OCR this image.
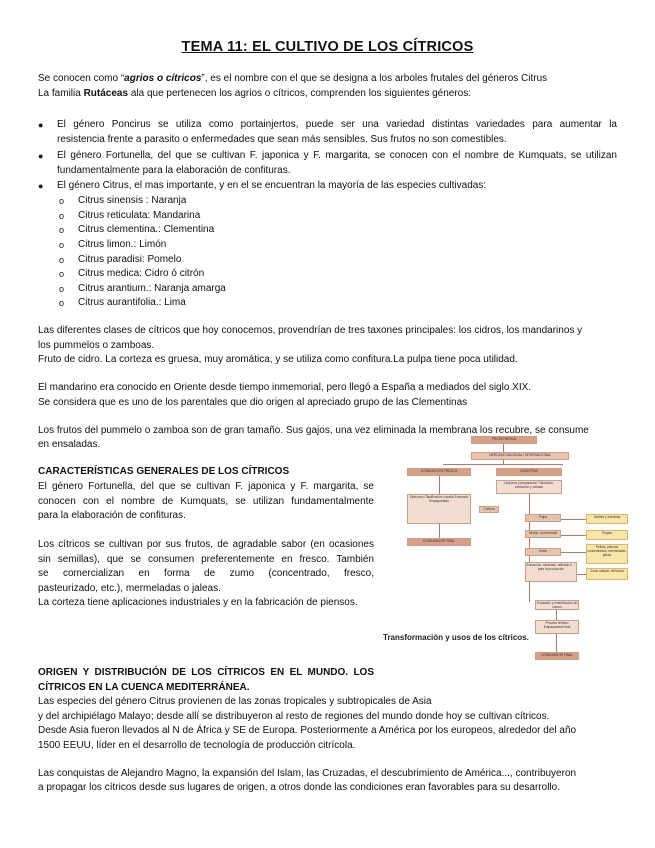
TEMA 11: EL CULTIVO DE LOS CÍTRICOS
Se conocen como “agrios o cítricos”, es el nombre con el que se designa a los arboles frutales del géneros Citrus
La familia Rutáceas ala que pertenecen los agrios o cítricos, comprenden los siguientes géneros:
● El género Poncirus se utiliza como portainjertos, puede ser una variedad distintas variedades para aumentar la
resistencia frente a parasito o enfermedades que sean más sensibles. Sus frutos no son comestibles.
● El género Fortunella, del que se cultivan F. japonica y F. margarita, se conocen con el nombre de Kumquats, se utilizan
fundamentalmente para la elaboración de confituras.
● El género Citrus, el mas importante, y en el se encuentran la mayoría de las especies cultivadas:
o Citrus sinensis : Naranja
o Citrus reticulata: Mandarina
o Citrus clementina.: Clementina
o Citrus limon.: Limón
o Citrus paradisi: Pomelo
o Citrus medica: Cidro ó citrón
o Citrus arantium.: Naranja amarga
o Citrus aurantifolia.: Lima
Las diferentes clases de cítricos que hoy conocemos, provendrían de tres taxones principales: los cidros, los mandarinos y
los pummelos o zamboas.
Fruto de cidro. La corteza es gruesa, muy aromática, y se utiliza como confitura.La pulpa tiene poca utilidad.
El mandarino era conocido en Oriente desde tiempo inmemorial, pero llegó a España a mediados del siglo XIX.
Se considera que es uno de los parentales que dio origen al apreciado grupo de las Clementinas
Los frutos del pummelo o zamboa son de gran tamaño. Sus gajos, una vez eliminada la membrana los recubre, se consume
en ensaladas.
CARACTERÍSTICAS GENERALES DE LOS CÍTRICOS
El género Fortunella, del que se cultivan F. japonica y F. margarita, se
conocen con el nombre de Kumquats, se utilizan fundamentalmente
para la elaboración de confituras.
Los cítricos se cultivan por sus frutos, de agradable sabor (en ocasiones
sin semillas), que se consumen preferentemente en fresco. También
se comercializan en forma de zumo (concentrado, fresco,
pasteurizado, etc.), mermeladas o jaleas.
La corteza tiene aplicaciones industriales y en la fabricación de piensos.
FRUTA FRESCA
MERCADO NACIONAL / INTERNACIONAL
CONSUMO EN FRESCO	INDUSTRIA
Limpieza y preparación Trituración, extracción y cribado
Selección Clasificación Lavado Encerado Empaquetado
CONSUMIDOR FINAL
Corteza
Pulpa
Néctar, concentrado
Zumo
Extracción, tamizado, refinado e ... para la producción
Aceites y esencias
Pulpas
Pellets, piensos concentrados, mermeladas, jaleas
Zumo natural, refrescos
Envasado y esterilización de zumos
Proceso térmico Empaquetado final
CONSUMIDOR FINAL
Transformación y usos de los cítricos.
ORIGEN Y DISTRIBUCIÓN DE LOS CÍTRICOS EN EL MUNDO. LOS
CÍTRICOS EN LA CUENCA MEDITERRÁNEA.
Las especies del género Citrus provienen de las zonas tropicales y subtropicales de Asia
y del archipiélago Malayo; desde allí se distribuyeron al resto de regiones del mundo donde hoy se cultivan cítricos.
Desde Asia fueron llevados al N de África y SE de Europa. Posteriormente a América por los europeos, alrededor del año
1500 EEUU, líder en el desarrollo de tecnología de producción citrícola.
Las conquistas de Alejandro Magno, la expansión del Islam, las Cruzadas, el descubrimiento de América..., contribuyeron
a propagar los cítricos desde sus lugares de origen, a otros donde las condiciones eran favorables para su desarrollo.
